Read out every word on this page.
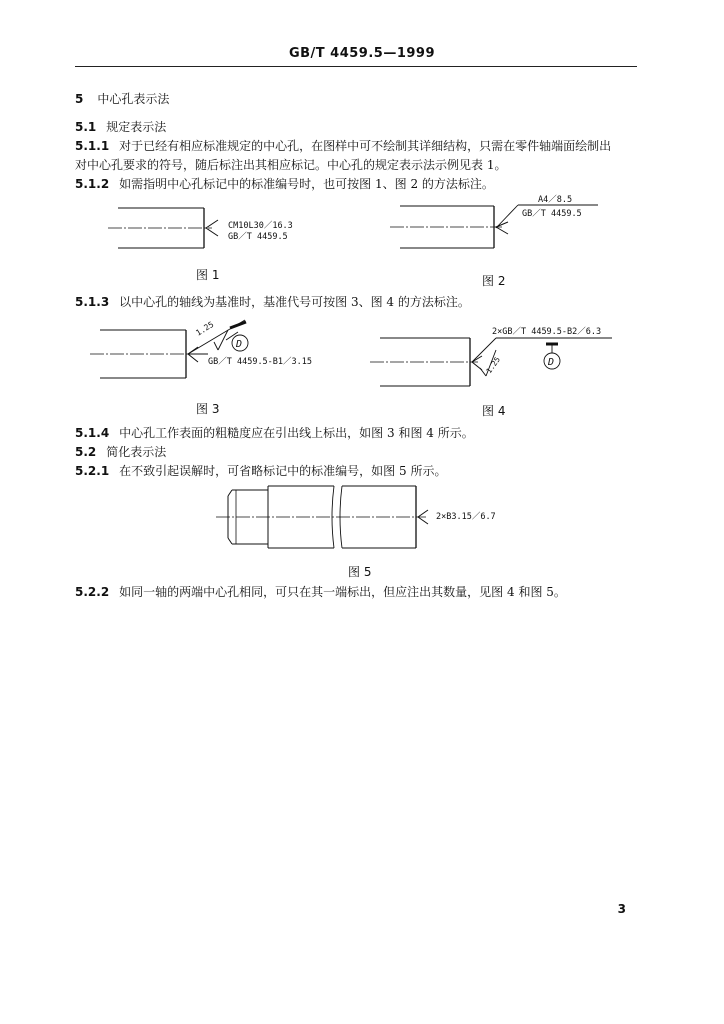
GB/T 4459.5—1999
5 中心孔表示法
5.1 规定表示法
5.1.1 对于已经有相应标准规定的中心孔，在图样中可不绘制其详细结构，只需在零件轴端面绘制出
对中心孔要求的符号，随后标注出其相应标记。中心孔的规定表示法示例见表 1。
5.1.2 如需指明中心孔标记中的标准编号时，也可按图 1、图 2 的方法标注。
CM10L30／16.3
GB／T 4459.5
图 1
A4／8.5
GB／T 4459.5
图 2
5.1.3 以中心孔的轴线为基准时，基准代号可按图 3、图 4 的方法标注。
1.25
D
GB／T 4459.5-B1／3.15
图 3
2×GB／T 4459.5-B2／6.3
1.25	D
图 4
5.1.4 中心孔工作表面的粗糙度应在引出线上标出，如图 3 和图 4 所示。
5.2 简化表示法
5.2.1 在不致引起误解时，可省略标记中的标准编号，如图 5 所示。
2×B3.15／6.7
图 5
5.2.2 如同一轴的两端中心孔相同，可只在其一端标出，但应注出其数量，见图 4 和图 5。
3
